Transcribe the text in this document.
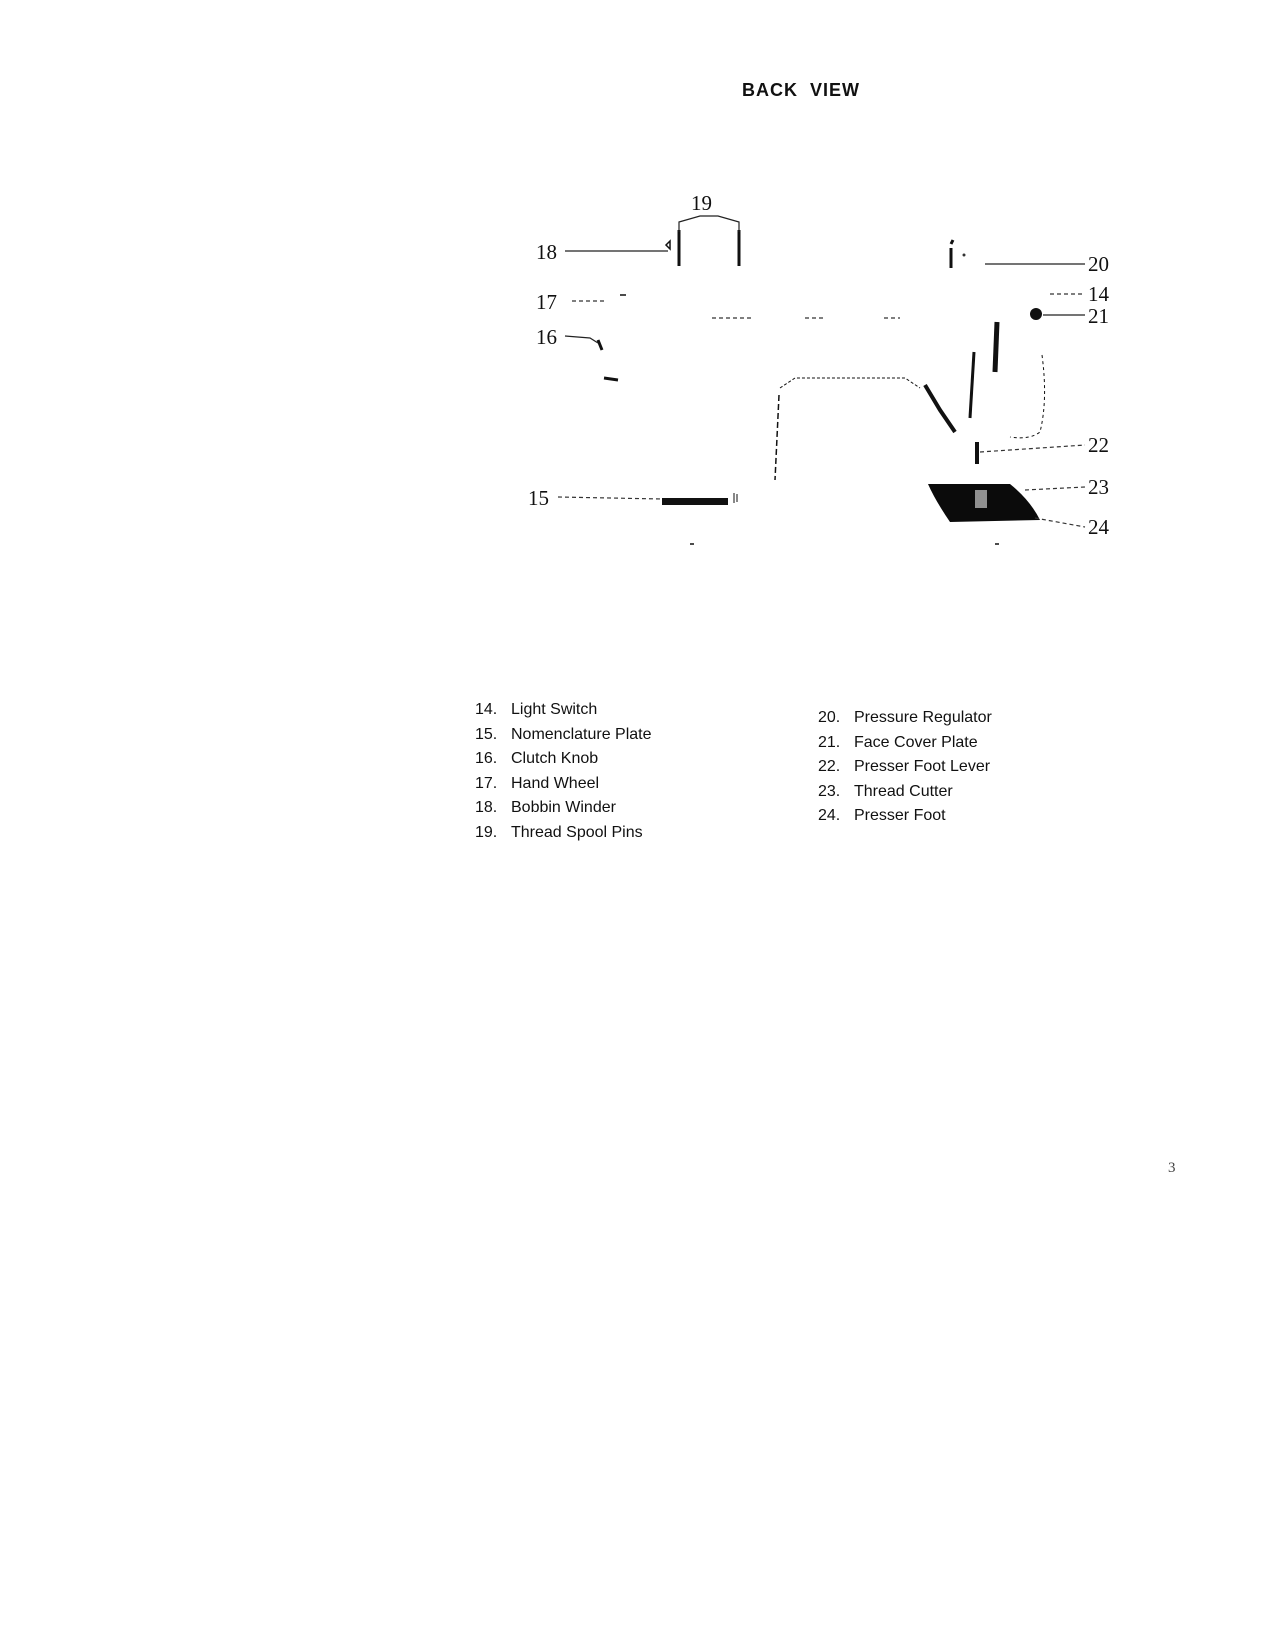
BACK VIEW
19
18
17
16
15
20
14
21
22
23
24
14. Light Switch
15. Nomenclature Plate
16. Clutch Knob
17. Hand Wheel
18. Bobbin Winder
19. Thread Spool Pins
20. Pressure Regulator
21. Face Cover Plate
22. Presser Foot Lever
23. Thread Cutter
24. Presser Foot
3
